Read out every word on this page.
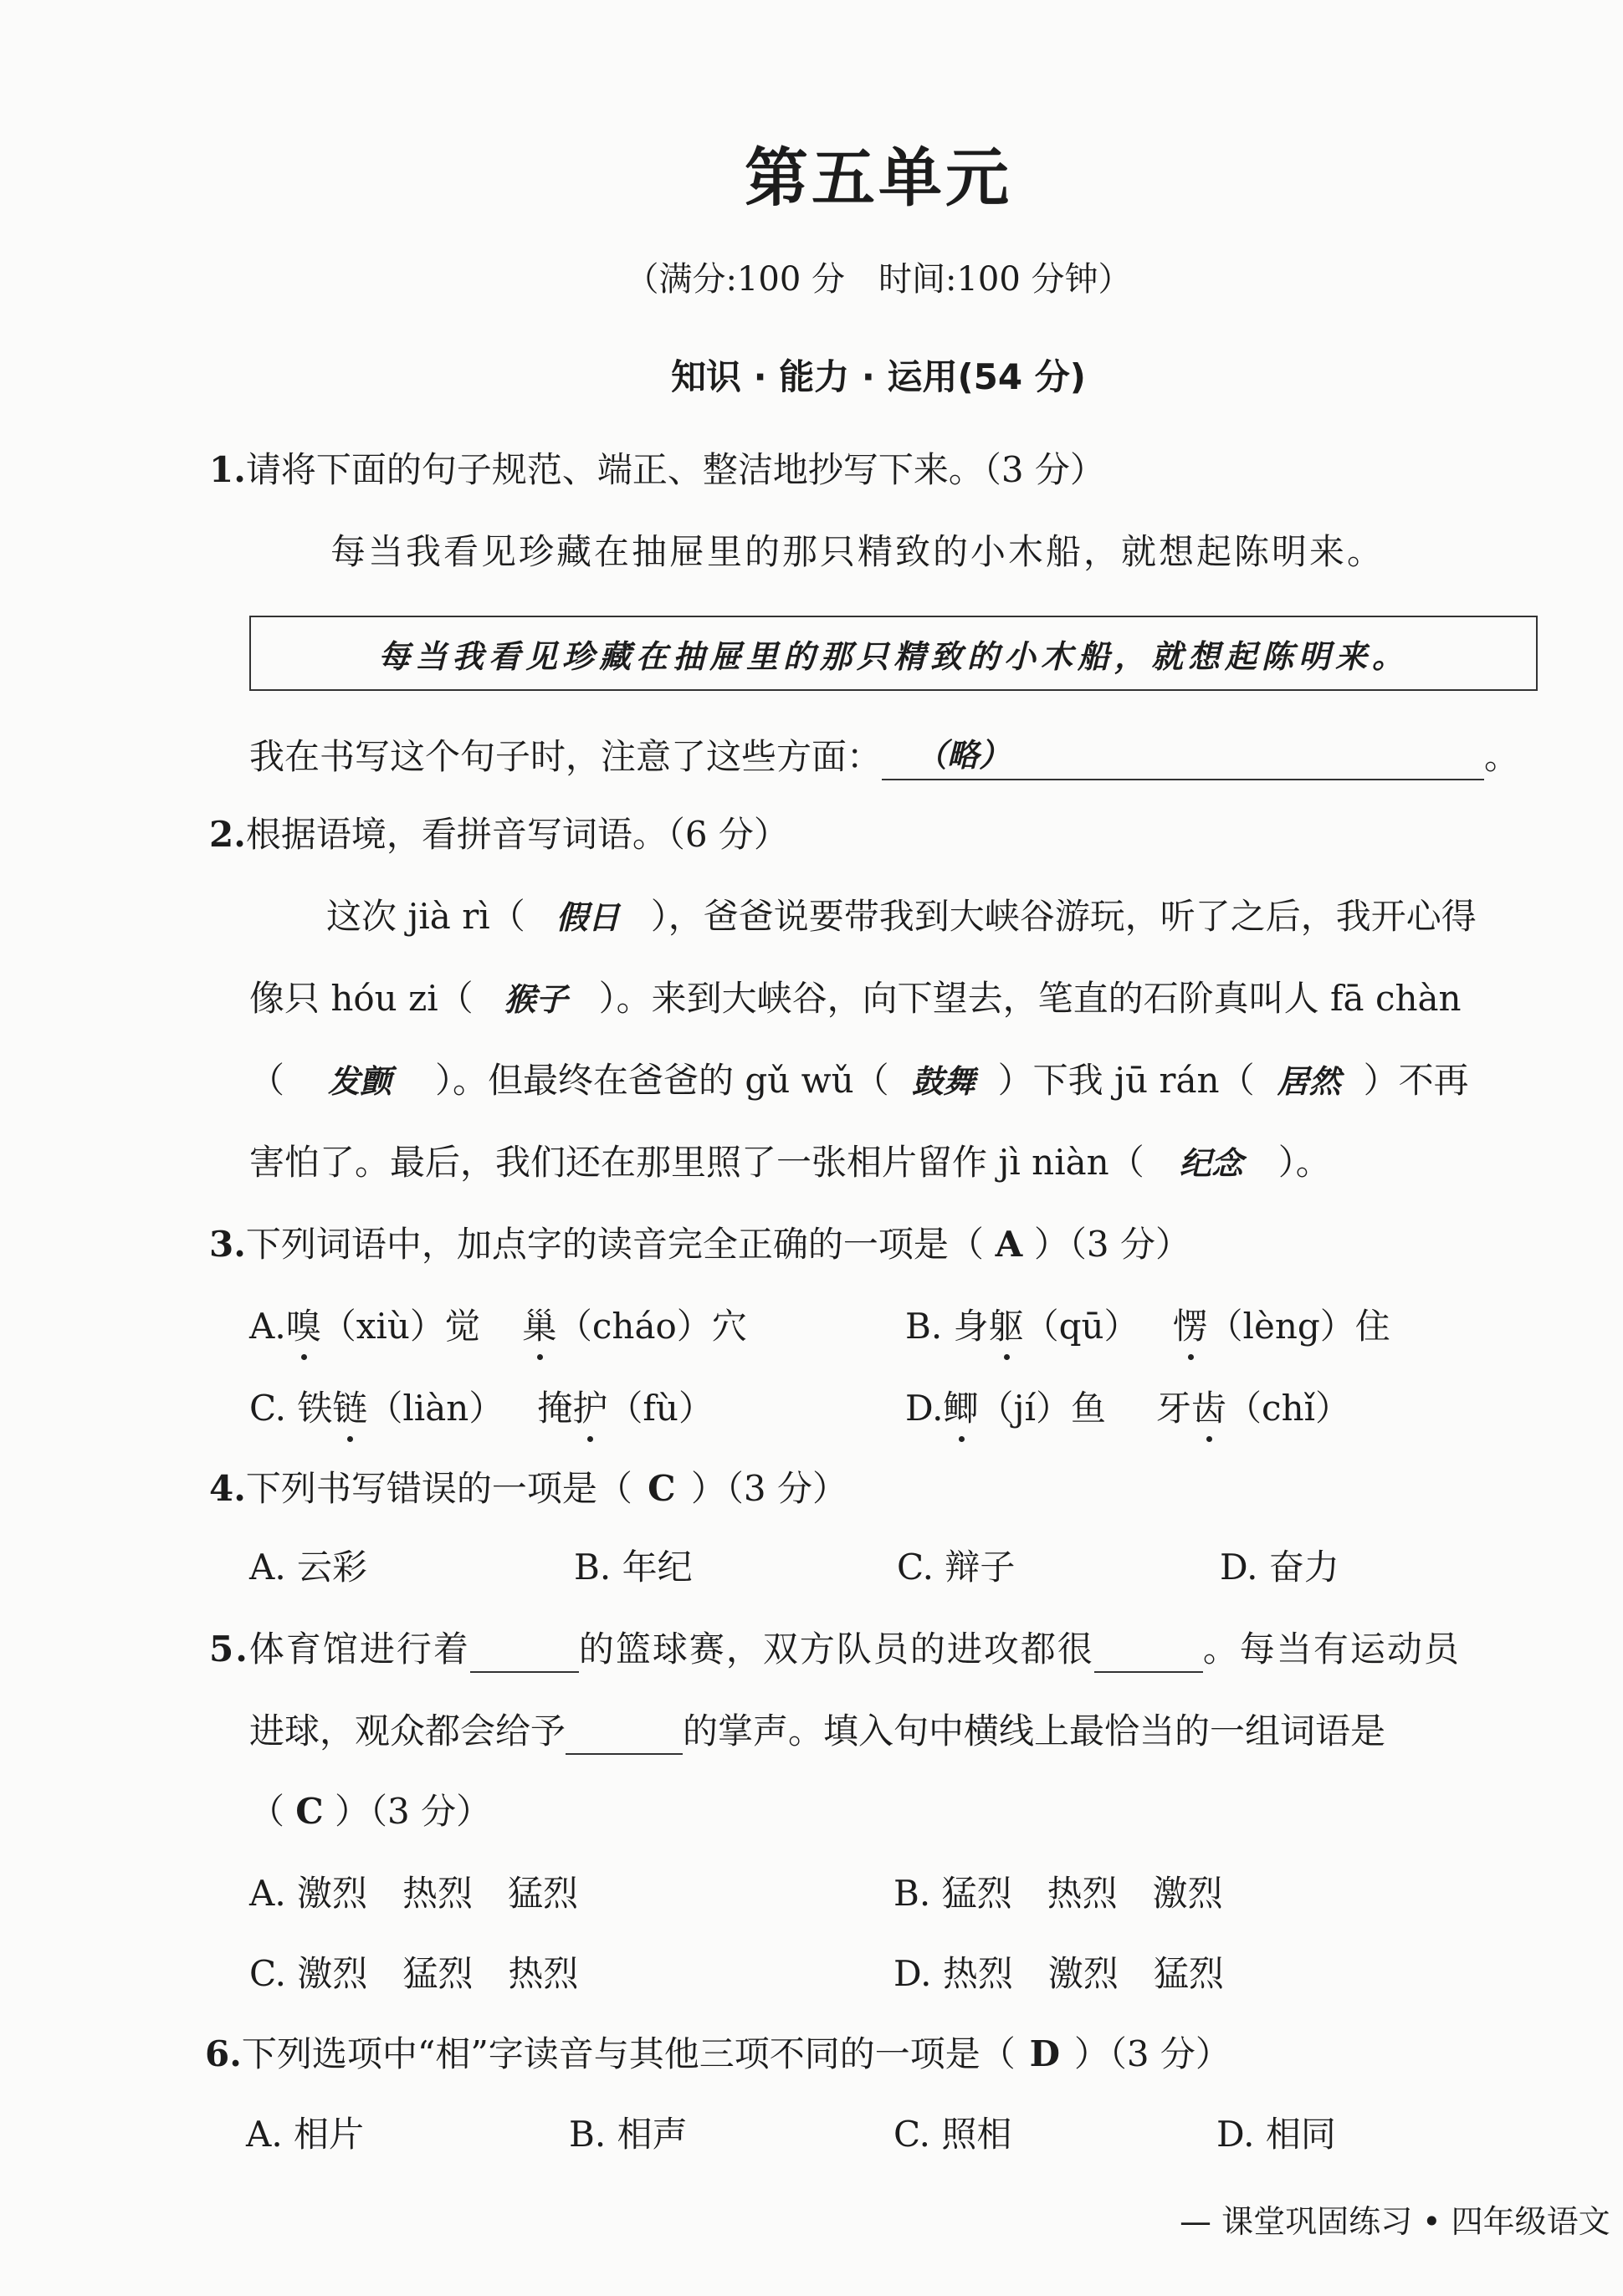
第五单元
（满分:100 分　时间:100 分钟）
知识 · 能力 · 运用(54 分)
1.请将下面的句子规范、端正、整洁地抄写下来。（3 分）
每当我看见珍藏在抽屉里的那只精致的小木船，就想起陈明来。
每当我看见珍藏在抽屉里的那只精致的小木船，就想起陈明来。
我在书写这个句子时，注意了这些方面： （略）	。
2.根据语境，看拼音写词语。（6 分）
这次 jià rì（ 假日 ），爸爸说要带我到大峡谷游玩，听了之后，我开心得
像只 hóu zi（ 猴子 ）。来到大峡谷，向下望去，笔直的石阶真叫人 fā chàn
（ 发颤 ）。但最终在爸爸的 gǔ wǔ（ 鼓舞 ）下我 jū rán（ 居然 ）不再
害怕了。最后，我们还在那里照了一张相片留作 jì niàn（ 纪念 ）。
3.下列词语中，加点字的读音完全正确的一项是（ A ）（3 分）
A.嗅（xiù）觉 巢（cháo）穴	B. 身躯（qū） 愣（lèng）住
C. 铁链（liàn） 掩护（fù）	D.鲫（jí）鱼 牙齿（chǐ）
4.下列书写错误的一项是（ C ）（3 分）
A. 云彩	B. 年纪	C. 辩子	D. 奋力
5.体育馆进行着	的篮球赛，双方队员的进攻都很	。每当有运动员
进球，观众都会给予	的掌声。填入句中横线上最恰当的一组词语是
（ C ）（3 分）
A. 激烈　热烈　猛烈	B. 猛烈　热烈　激烈
C. 激烈　猛烈　热烈	D. 热烈　激烈　猛烈
6.下列选项中“相”字读音与其他三项不同的一项是（ D ）（3 分）
A. 相片	B. 相声	C. 照相	D. 相同
— 课堂巩固练习 • 四年级语文
